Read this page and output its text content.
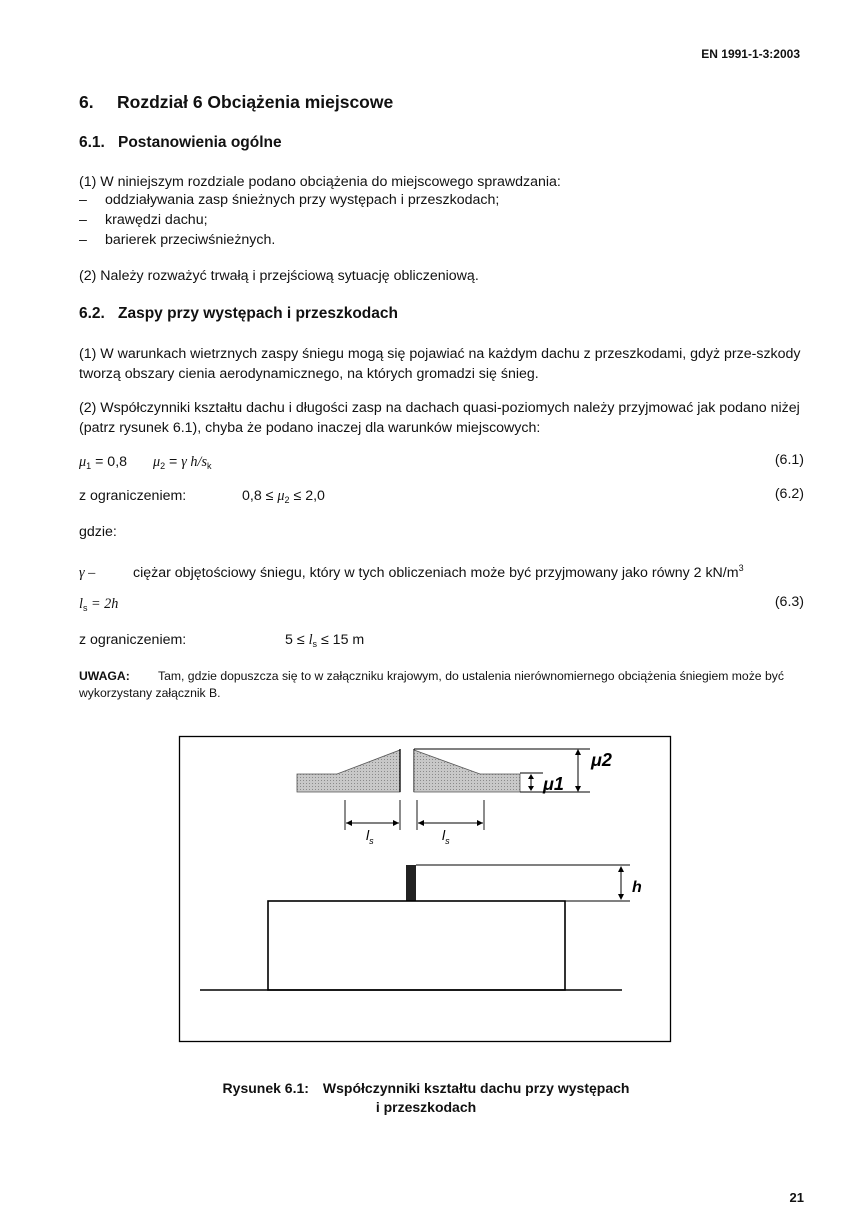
EN 1991-1-3:2003
6. Rozdział 6 Obciążenia miejscowe
6.1. Postanowienia ogólne
(1) W niniejszym rozdziale podano obciążenia do miejscowego sprawdzania:
– oddziaływania zasp śnieżnych przy występach i przeszkodach;
– krawędzi dachu;
– barierek przeciwśnieżnych.
(2) Należy rozważyć trwałą i przejściową sytuację obliczeniową.
6.2. Zaspy przy występach i przeszkodach
(1) W warunkach wietrznych zaspy śniegu mogą się pojawiać na każdym dachu z przeszkodami, gdyż prze-szkody tworzą obszary cienia aerodynamicznego, na których gromadzi się śnieg.
(2) Współczynniki kształtu dachu i długości zasp na dachach quasi-poziomych należy przyjmować jak podano niżej (patrz rysunek 6.1), chyba że podano inaczej dla warunków miejscowych:
$\mu_1 = 0,8$ $\mu_2 = \gamma$ $h/s_k$	(6.1)
z ograniczeniem:	$0,8 \le \mu_2 \le 2,0$	(6.2)
gdzie:
γ –	ciężar objętościowy śniegu, który w tych obliczeniach może być przyjmowany jako równy 2 $kN/m^3$
$l_s = 2h$	(6.3)
z ograniczeniem:	$5 \le l_s \le 15$ m
UWAGA: Tam, gdzie dopuszcza się to w załączniku krajowym, do ustalenia nierównomiernego obciążenia śniegiem może być wykorzystany załącznik B.
μ2
μ1
$l_s$	$l_s$
h
Rysunek 6.1: Współczynniki kształtu dachu przy występach
i przeszkodach
21
